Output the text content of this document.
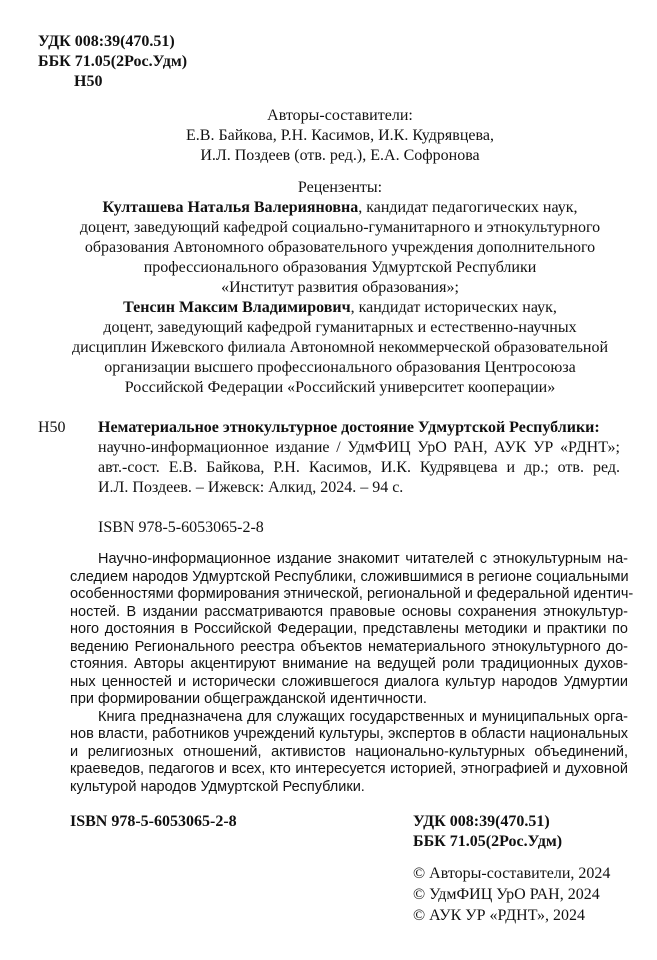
УДК 008:39(470.51)
ББК 71.05(2Рос.Удм)
Н50
Авторы-составители:
Е.В. Байкова, Р.Н. Касимов, И.К. Кудрявцева,
И.Л. Поздеев (отв. ред.), Е.А. Софронова
Рецензенты:
Култашева Наталья Валерияновна, кандидат педагогических наук,
доцент, заведующий кафедрой социально-гуманитарного и этнокультурного
образования Автономного образовательного учреждения дополнительного
профессионального образования Удмуртской Республики
«Институт развития образования»;
Тенсин Максим Владимирович, кандидат исторических наук,
доцент, заведующий кафедрой гуманитарных и естественно-научных
дисциплин Ижевского филиала Автономной некоммерческой образовательной
организации высшего профессионального образования Центросоюза
Российской Федерации «Российский университет кооперации»
Н50	Нематериальное этнокультурное достояние Удмуртской Республики:
научно-информационное издание / УдмФИЦ УрО РАН, АУК УР «РДНТ»;
авт.-сост. Е.В. Байкова, Р.Н. Касимов, И.К. Кудрявцева и др.; отв. ред.
И.Л. Поздеев. – Ижевск: Алкид, 2024. – 94 с.
ISBN 978-5-6053065-2-8
Научно-информационное издание знакомит читателей с этнокультурным на-
следием народов Удмуртской Республики, сложившимися в регионе социальными
особенностями формирования этнической, региональной и федеральной идентич-
ностей. В издании рассматриваются правовые основы сохранения этнокультур-
ного достояния в Российской Федерации, представлены методики и практики по
ведению Регионального реестра объектов нематериального этнокультурного до-
стояния. Авторы акцентируют внимание на ведущей роли традиционных духов-
ных ценностей и исторически сложившегося диалога культур народов Удмуртии
при формировании общегражданской идентичности.
Книга предназначена для служащих государственных и муниципальных орга-
нов власти, работников учреждений культуры, экспертов в области национальных
и религиозных отношений, активистов национально-культурных объединений,
краеведов, педагогов и всех, кто интересуется историей, этнографией и духовной
культурой народов Удмуртской Республики.
ISBN 978-5-6053065-2-8	УДК 008:39(470.51)
ББК 71.05(2Рос.Удм)
© Авторы-составители, 2024
© УдмФИЦ УрО РАН, 2024
© АУК УР «РДНТ», 2024
